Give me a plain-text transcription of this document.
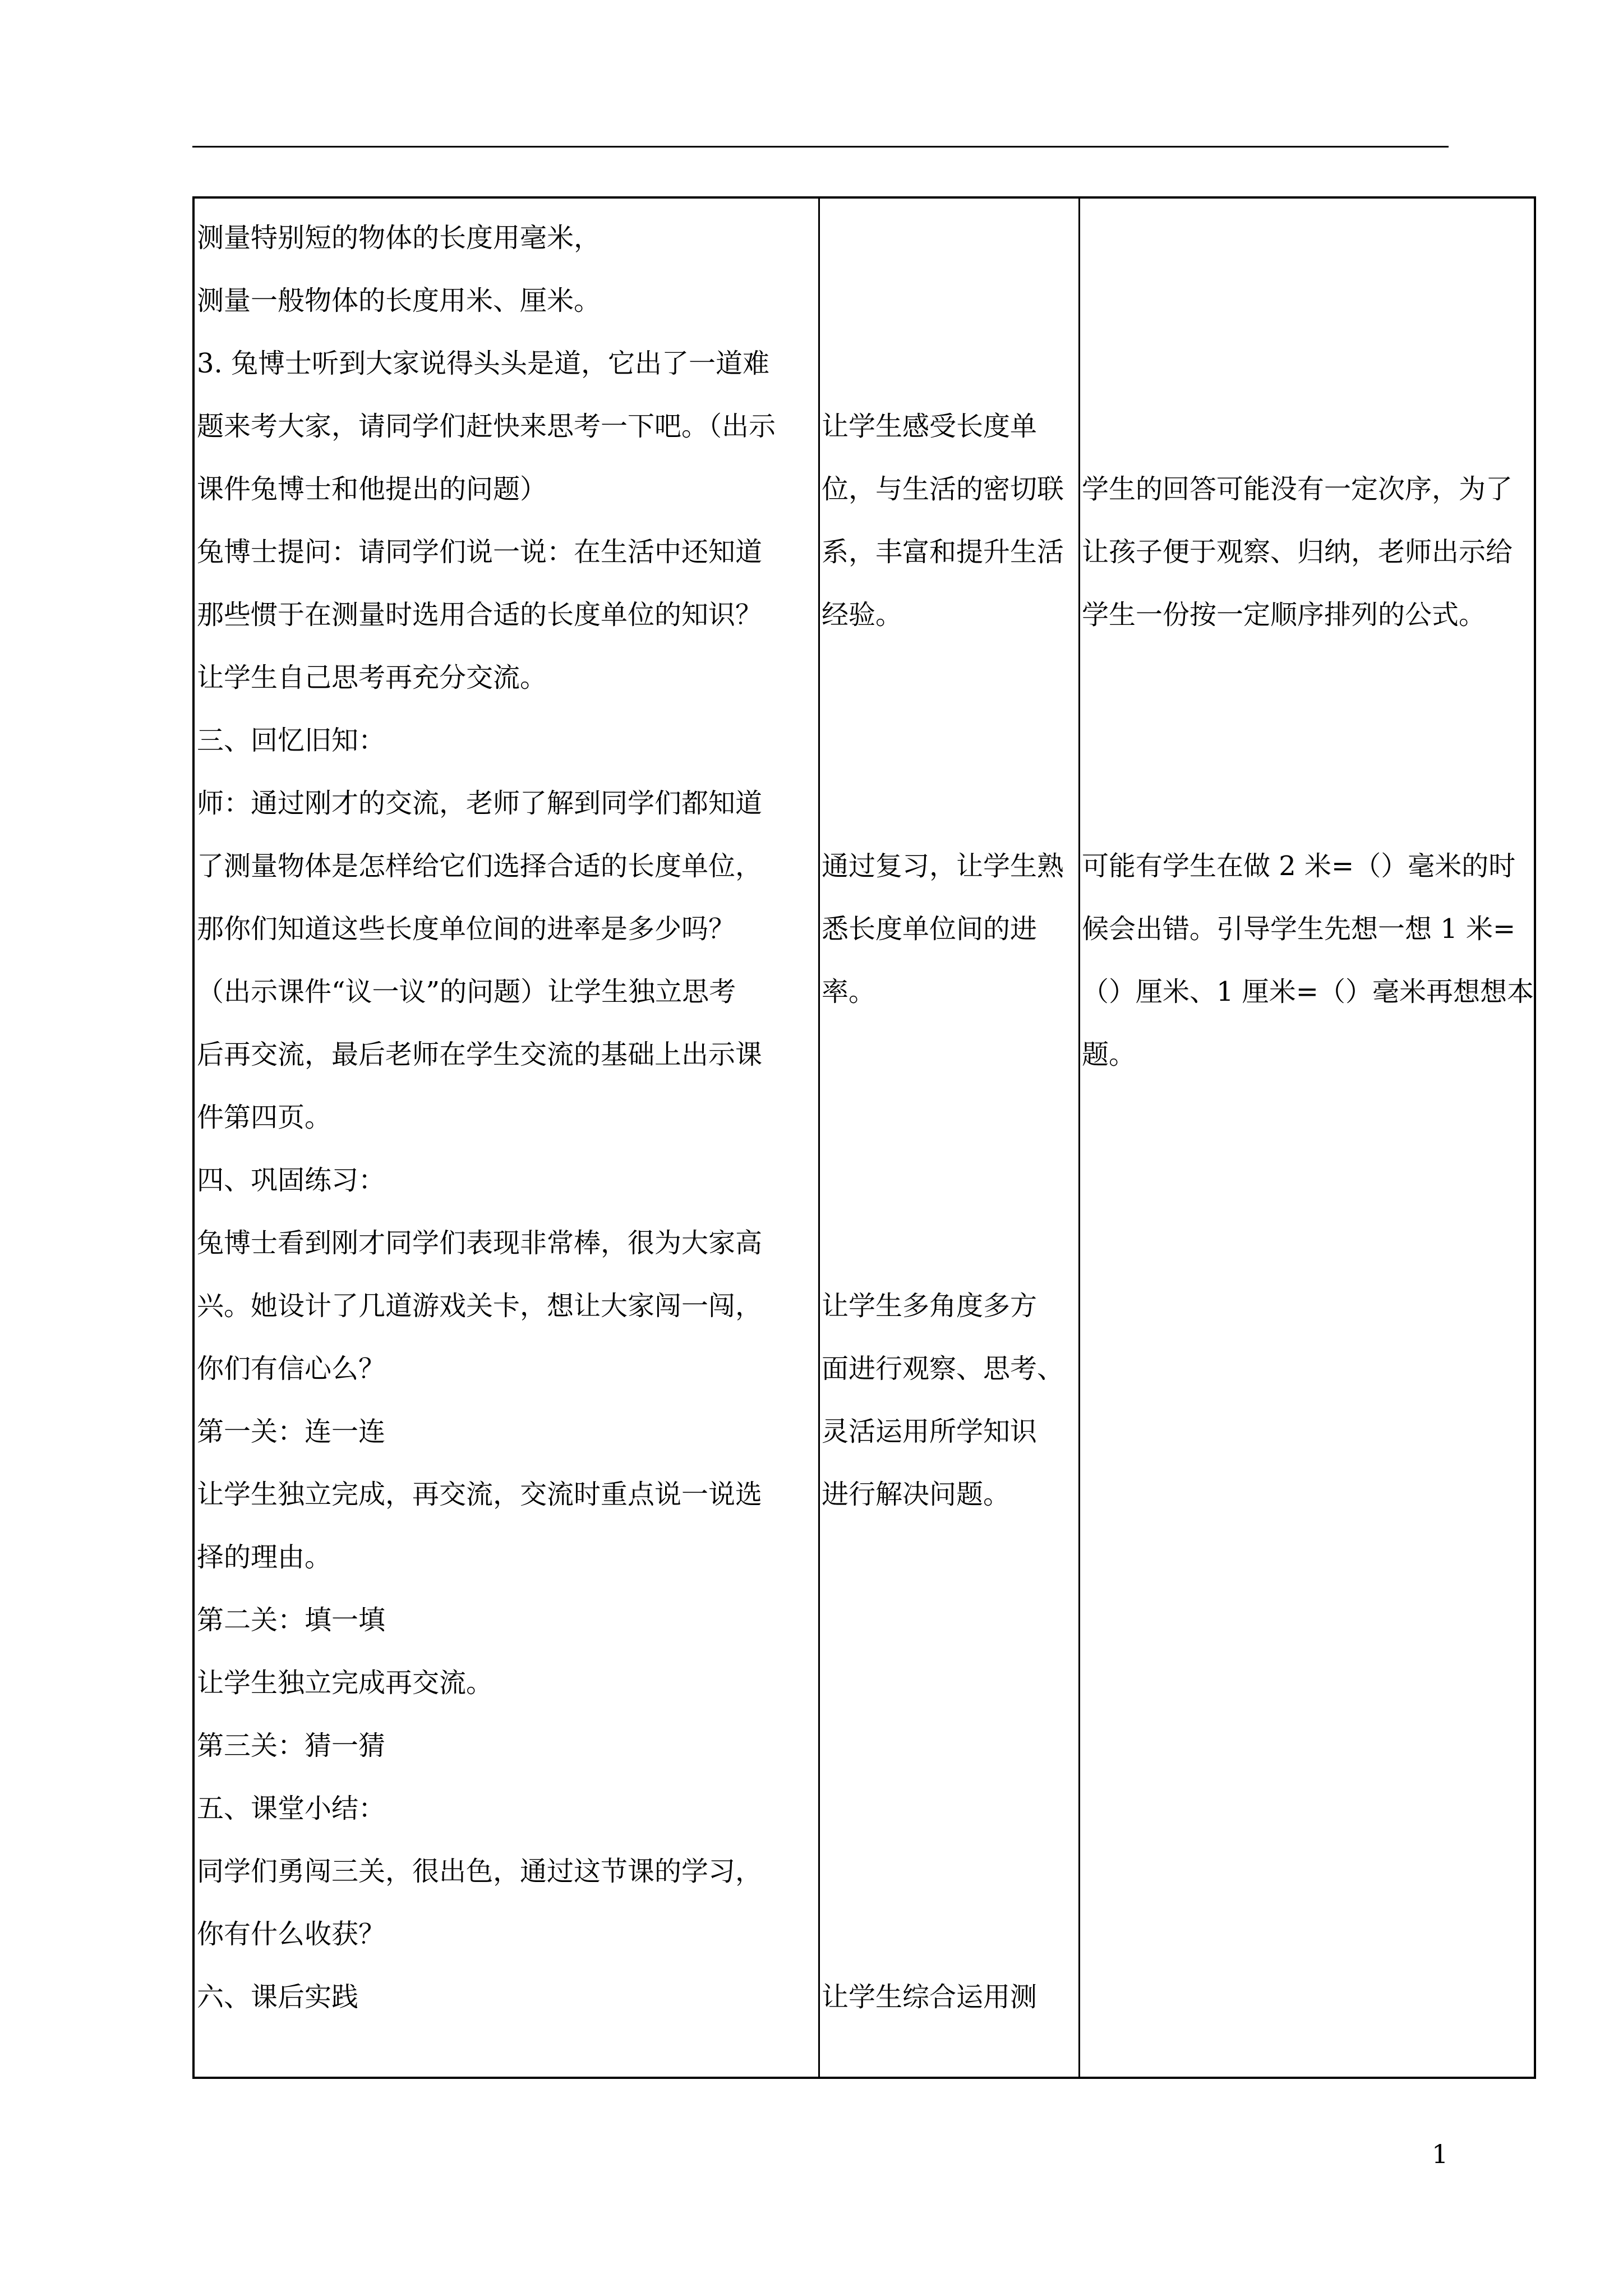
测量特别短的物体的长度用毫米，
测量一般物体的长度用米、厘米。
3. 兔博士听到大家说得头头是道，它出了一道难
题来考大家，请同学们赶快来思考一下吧。（出示
课件兔博士和他提出的问题）
兔博士提问：请同学们说一说：在生活中还知道
那些惯于在测量时选用合适的长度单位的知识？
让学生自己思考再充分交流。
三、回忆旧知：
师：通过刚才的交流，老师了解到同学们都知道
了测量物体是怎样给它们选择合适的长度单位，
那你们知道这些长度单位间的进率是多少吗？
（出示课件“议一议”的问题）让学生独立思考
后再交流，最后老师在学生交流的基础上出示课
件第四页。
四、巩固练习：
兔博士看到刚才同学们表现非常棒，很为大家高
兴。她设计了几道游戏关卡，想让大家闯一闯，
你们有信心么？
第一关：连一连
让学生独立完成，再交流，交流时重点说一说选
择的理由。
第二关：填一填
让学生独立完成再交流。
第三关：猜一猜
五、课堂小结：
同学们勇闯三关，很出色，通过这节课的学习，
你有什么收获？
六、课后实践
让学生感受长度单
位，与生活的密切联
系，丰富和提升生活
经验。
通过复习，让学生熟
悉长度单位间的进
率。
让学生多角度多方
面进行观察、思考、
灵活运用所学知识
进行解决问题。
让学生综合运用测
学生的回答可能没有一定次序，为了
让孩子便于观察、归纳，老师出示给
学生一份按一定顺序排列的公式。
可能有学生在做 2 米=（）毫米的时
候会出错。引导学生先想一想 1 米=
（）厘米、1 厘米=（）毫米再想想本
题。
1
